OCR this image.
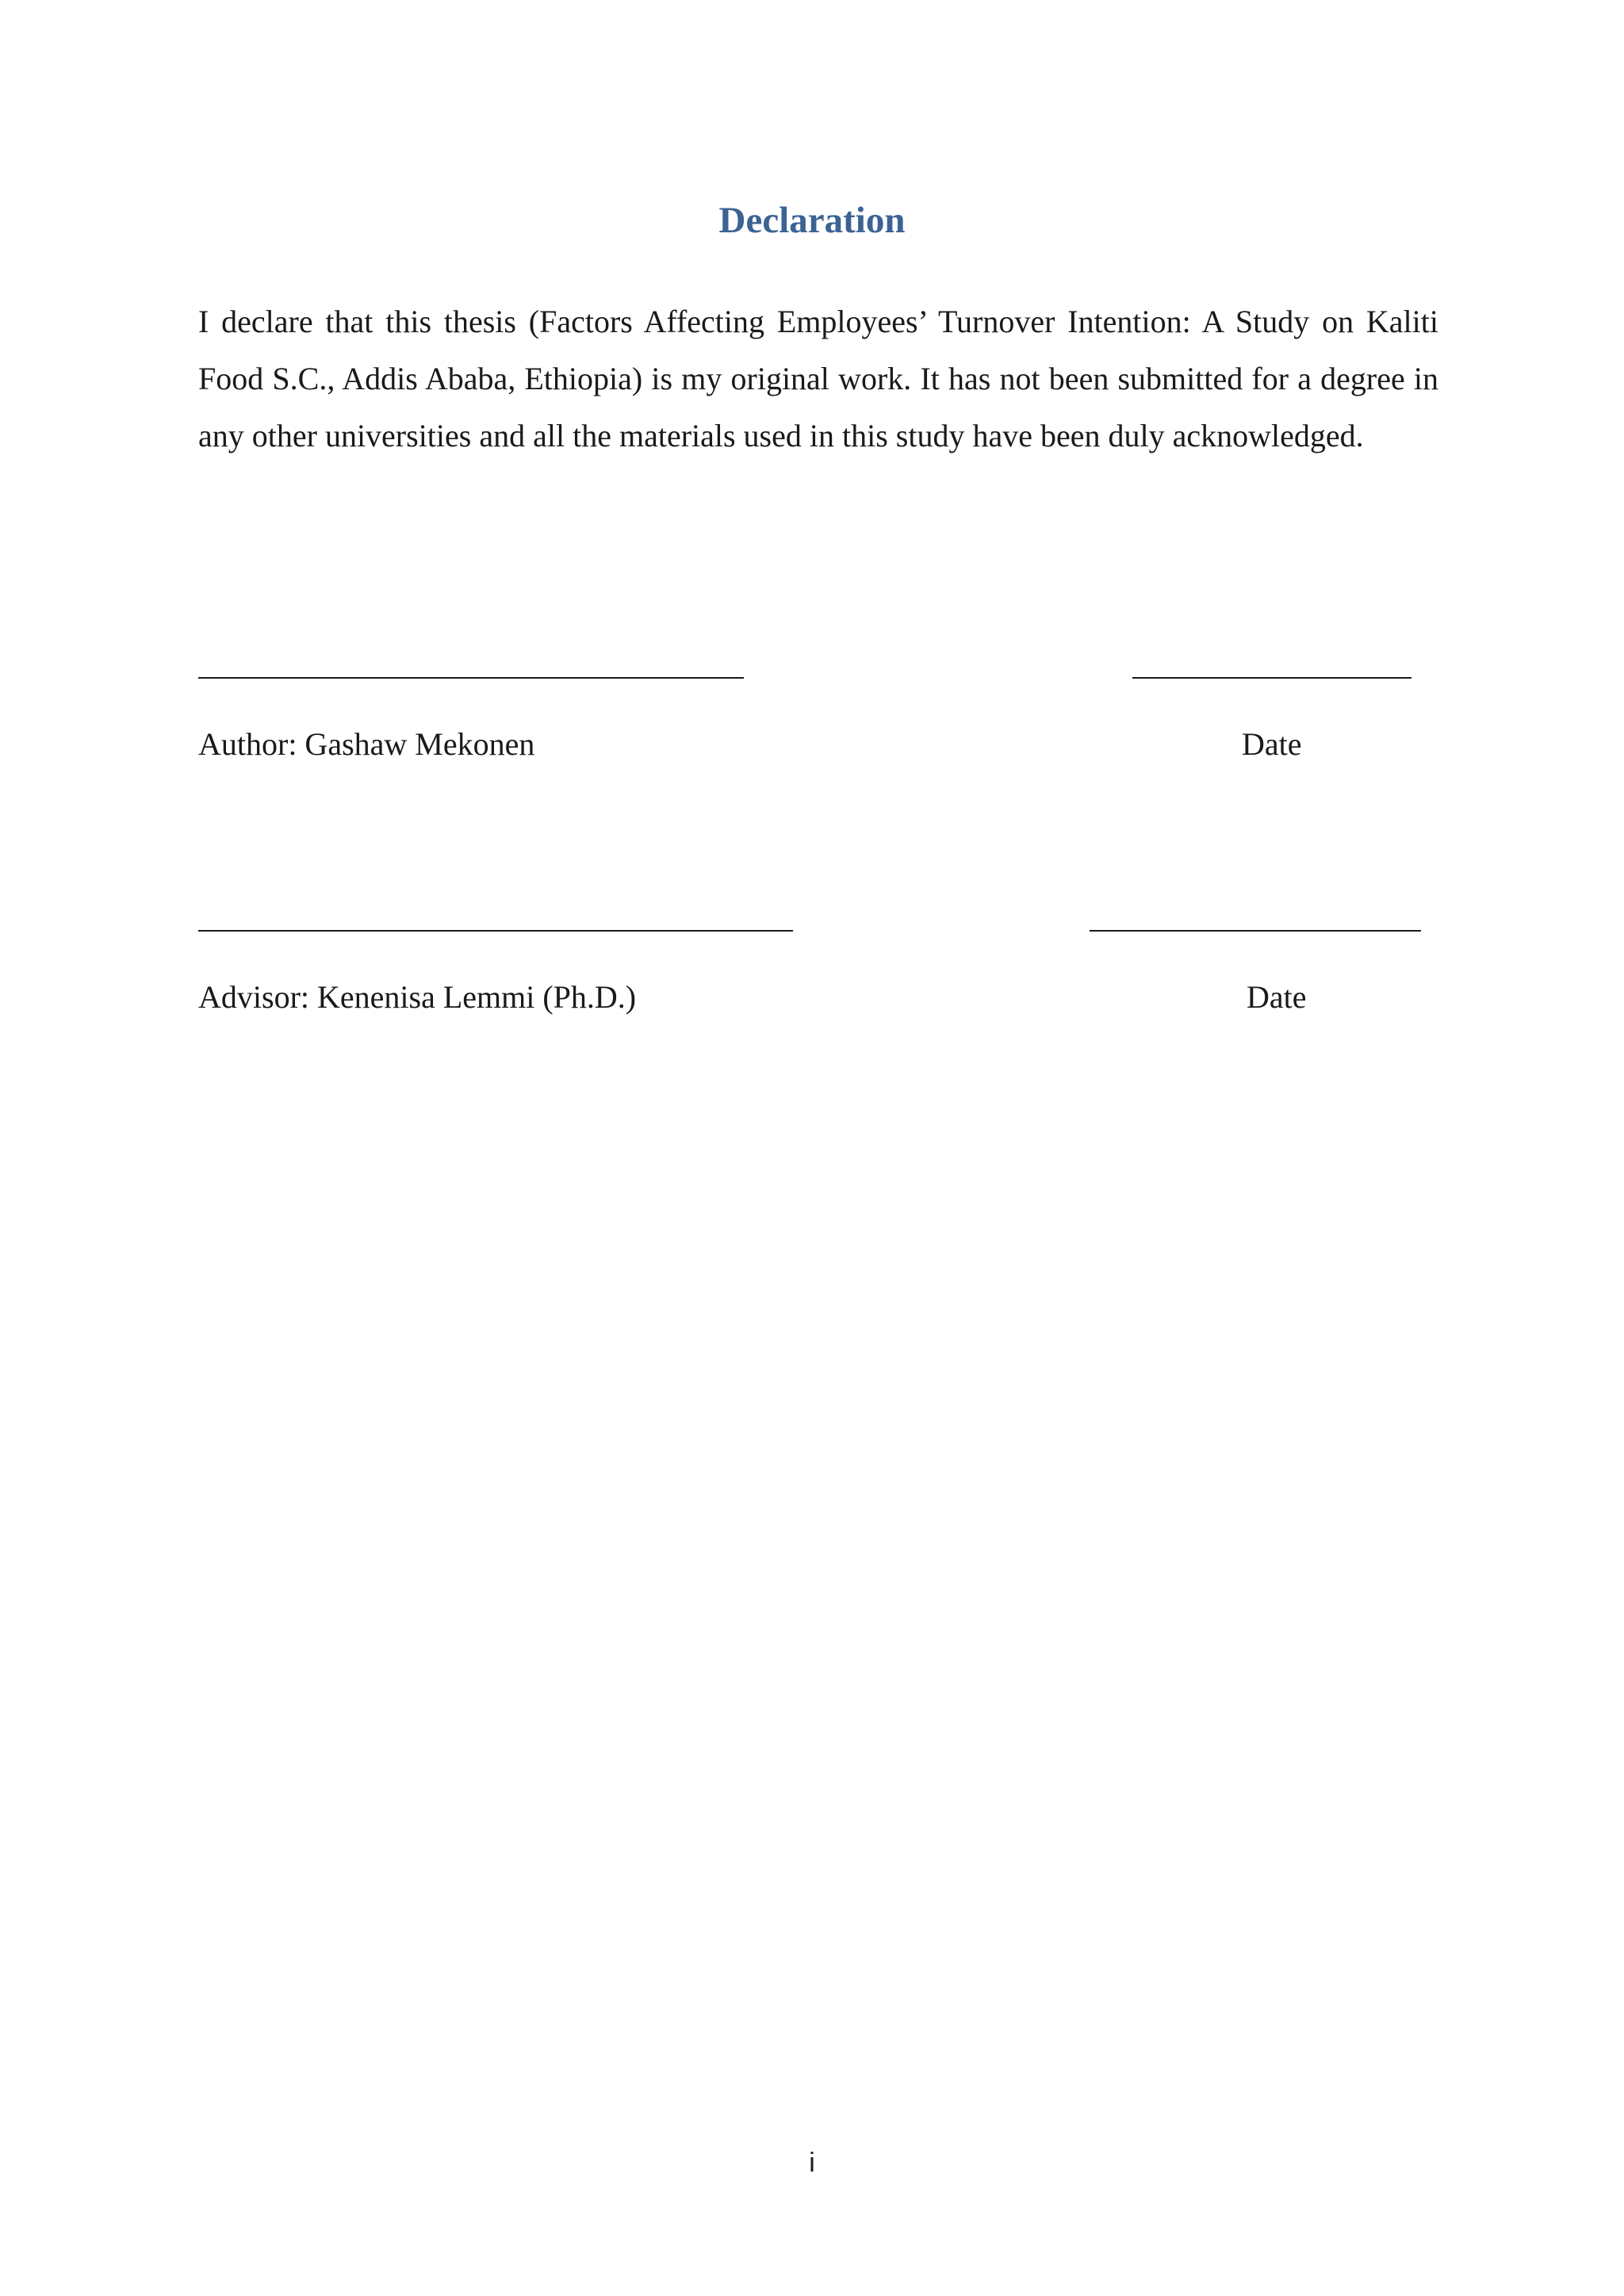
Declaration

I declare that this thesis (Factors Affecting Employees’ Turnover Intention: A Study on Kaliti Food S.C., Addis Ababa, Ethiopia) is my original work. It has not been submitted for a degree in any other universities and all the materials used in this study have been duly acknowledged.

Author: Gashaw Mekonen	Date
Advisor: Kenenisa Lemmi (Ph.D.)	Date
i
